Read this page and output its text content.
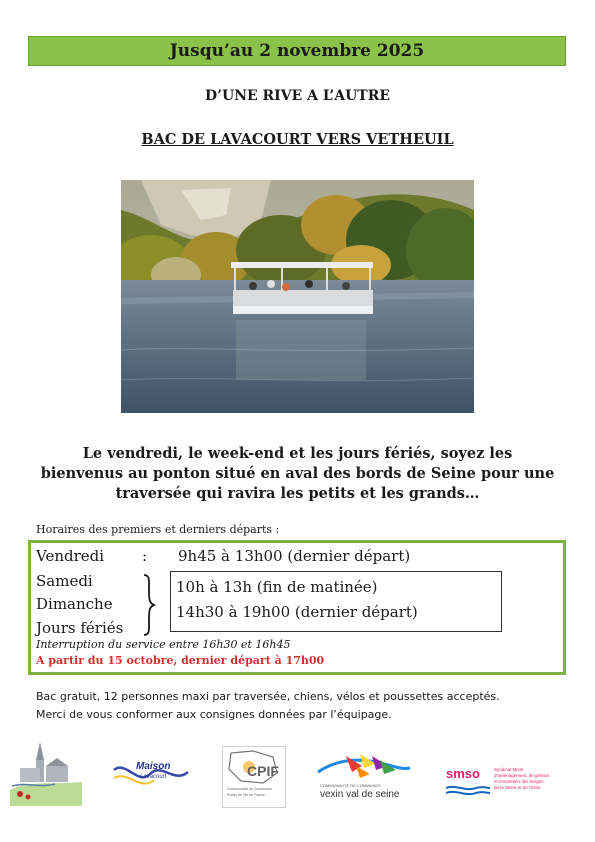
Jusqu’au 2 novembre 2025
D’UNE RIVE A L’AUTRE
BAC DE LAVACOURT VERS VETHEUIL
Le vendredi, le week-end et les jours fériés, soyez les
bienvenus au ponton situé en aval des bords de Seine pour une
traversée qui ravira les petits et les grands…
Horaires des premiers et derniers départs :
Vendredi	: 9h45 à 13h00 (dernier départ)
Samedi
Dimanche
Jours fériés
10h à 13h (fin de matinée)
14h30 à 19h00 (dernier départ)
Interruption du service entre 16h30 et 16h45
A partir du 15 octobre, dernier départ à 17h00
Bac gratuit, 12 personnes maxi par traversée, chiens, vélos et poussettes acceptés.
Merci de vous conformer aux consignes données par l’équipage.
Maison
Lavacourt	CPIF
Communauté de Communes
Portes de l’Ile de France
COMMUNAUTÉ DE COMMUNES
vexin val de seine
smso	Syndicat Mixte
d’aménagement, de gestion
et d’entretien des berges
de la Seine et de l’Oise
